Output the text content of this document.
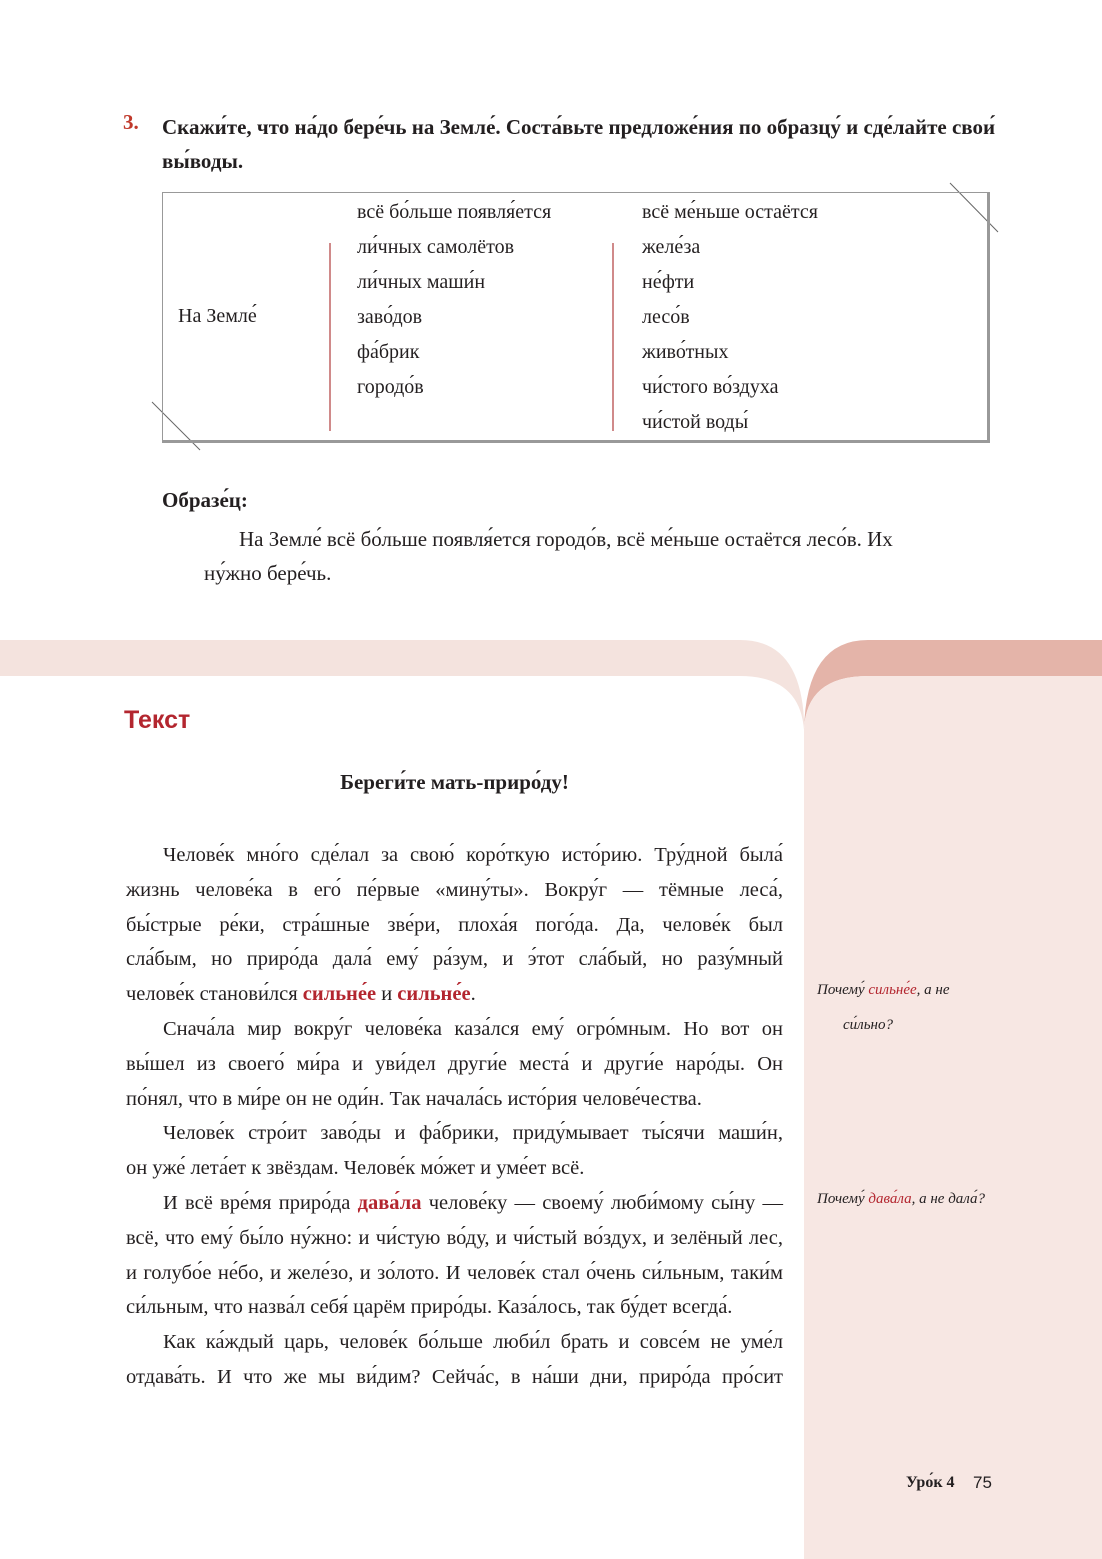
3. Скажи́те, что на́до бере́чь на Земле́. Соста́вьте предложе́ния по образцу́ и сде́лайте свои́ вы́воды.
На Земле́
всё бо́льше появля́ется	всё ме́ньше остаётся
ли́чных самолётов
ли́чных маши́н
заво́дов
фа́брик
городо́в
желе́за
не́фти
лесо́в
живо́тных
чи́стого во́здуха
чи́стой воды́
Образе́ц:
На Земле́ всё бо́льше появля́ется городо́в, всё ме́ньше остаётся лесо́в. Их ну́жно бере́чь.
Текст
Береги́те мать-приро́ду!
Челове́к мно́го сде́лал за свою́ коро́ткую исто́рию. Тру́дной была́
жизнь челове́ка в его́ пе́рвые «мину́ты». Вокру́г — тёмные леса́,
бы́стрые ре́ки, стра́шные зве́ри, плоха́я пого́да. Да, челове́к был
сла́бым, но приро́да дала́ ему́ ра́зум, и э́тот сла́бый, но разу́мный
челове́к станови́лся сильне́е и сильне́е.
Снача́ла мир вокру́г челове́ка каза́лся ему́ огро́мным. Но вот он
вы́шел из своего́ ми́ра и уви́дел други́е места́ и други́е наро́ды. Он
по́нял, что в ми́ре он не оди́н. Так начала́сь исто́рия челове́чества.
Челове́к стро́ит заво́ды и фа́брики, приду́мывает ты́сячи маши́н,
он уже́ лета́ет к звёздам. Челове́к мо́жет и уме́ет всё.
И всё вре́мя приро́да дава́ла челове́ку — своему́ люби́мому сы́ну —
всё, что ему́ бы́ло ну́жно: и чи́стую во́ду, и чи́стый во́здух, и зелёный лес,
и голубо́е не́бо, и желе́зо, и зо́лото. И челове́к стал о́чень си́льным, таки́м
си́льным, что назва́л себя́ царём приро́ды. Каза́лось, так бу́дет всегда́.
Как ка́ждый царь, челове́к бо́льше люби́л брать и совсе́м не уме́л
отдава́ть. И что же мы ви́дим? Сейча́с, в на́ши дни, приро́да про́сит
Почему́ сильне́е, а не
си́льно?
Почему́ дава́ла, а не дала́?
Уро́к 4 75
